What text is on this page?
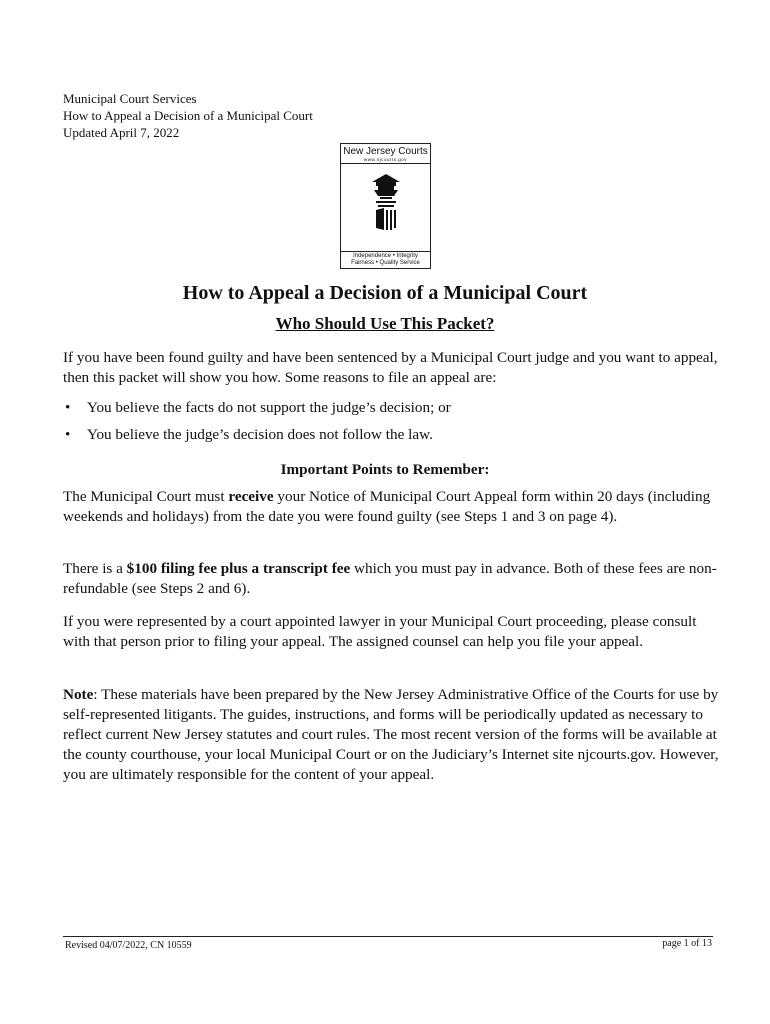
Municipal Court Services
How to Appeal a Decision of a Municipal Court
Updated April 7, 2022
New Jersey Courts
www.njcourts.gov
Independence • Integrity
Fairness • Quality Service
How to Appeal a Decision of a Municipal Court
Who Should Use This Packet?
If you have been found guilty and have been sentenced by a Municipal Court judge and you want to appeal, then this packet will show you how. Some reasons to file an appeal are:
• You believe the facts do not support the judge’s decision; or
• You believe the judge’s decision does not follow the law.
Important Points to Remember:
The Municipal Court must receive your Notice of Municipal Court Appeal form within 20 days (including weekends and holidays) from the date you were found guilty (see Steps 1 and 3 on page 4).
There is a $100 filing fee plus a transcript fee which you must pay in advance. Both of these fees are non-refundable (see Steps 2 and 6).
If you were represented by a court appointed lawyer in your Municipal Court proceeding, please consult with that person prior to filing your appeal. The assigned counsel can help you file your appeal.
Note: These materials have been prepared by the New Jersey Administrative Office of the Courts for use by self-represented litigants. The guides, instructions, and forms will be periodically updated as necessary to reflect current New Jersey statutes and court rules. The most recent version of the forms will be available at the county courthouse, your local Municipal Court or on the Judiciary’s Internet site njcourts.gov. However, you are ultimately responsible for the content of your appeal.
Revised 04/07/2022, CN 10559	page 1 of 13
